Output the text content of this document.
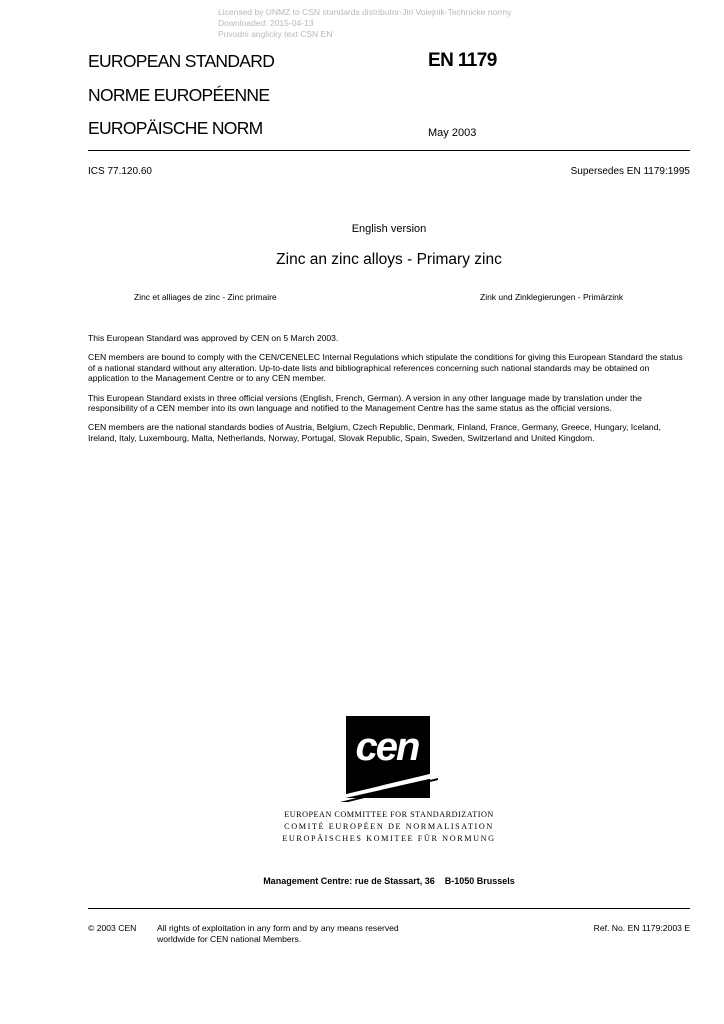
Licensed by UNMZ to CSN standards distributor-Jiri Volejnik-Technicke normy
Downloaded: 2015-04-13
Puvodni anglicky text CSN EN
EUROPEAN STANDARD
NORME EUROPÉENNE
EUROPÄISCHE NORM
EN 1179
May 2003
ICS 77.120.60	Supersedes EN 1179:1995
English version
Zinc an zinc alloys - Primary zinc
Zinc et alliages de zinc - Zinc primaire	Zink und Zinklegierungen - Primärzink

This European Standard was approved by CEN on 5 March 2003.

CEN members are bound to comply with the CEN/CENELEC Internal Regulations which stipulate the conditions for giving this European Standard the status of a national standard without any alteration. Up-to-date lists and bibliographical references concerning such national standards may be obtained on application to the Management Centre or to any CEN member.

This European Standard exists in three official versions (English, French, German). A version in any other language made by translation under the responsibility of a CEN member into its own language and notified to the Management Centre has the same status as the official versions.

CEN members are the national standards bodies of Austria, Belgium, Czech Republic, Denmark, Finland, France, Germany, Greece, Hungary, Iceland, Ireland, Italy, Luxembourg, Malta, Netherlands, Norway, Portugal, Slovak Republic, Spain, Sweden, Switzerland and United Kingdom.

cen
EUROPEAN COMMITTEE FOR STANDARDIZATION
COMITÉ EUROPÉEN DE NORMALISATION
EUROPÄISCHES KOMITEE FÜR NORMUNG
Management Centre: rue de Stassart, 36    B-1050 Brussels
© 2003 CEN All rights of exploitation in any form and by any means reserved
worldwide for CEN national Members.
Ref. No. EN 1179:2003 E
